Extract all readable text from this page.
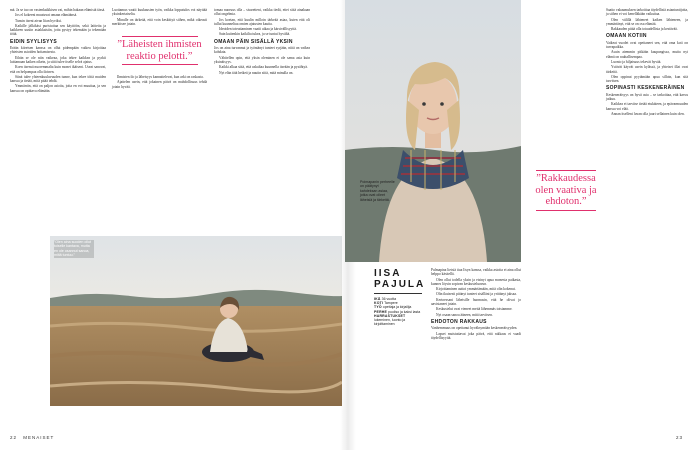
mä. Ja se tuo on vastenkaikkisen vai, mihin hakaan elämistä tässä.

Jos el kokeeni muutuvat omaan elämäänsä.

Tunsin itseni aivan liian hyviksi.

Kaikille jälkikäsi puristuttua sen käyttöön, sekä laitteita ja kaikkeen uusiin asiakkaisiin, jotta pystyy tekemään ja tekemään töitä.

EIDIN SYYLISYYS

Erään kiireisen kanssa on ollut pidempään vaikea kirjoittaa yhteisten asioiden hoitamisesta.

Eihän se ole niin vaikeaa, joka tekee kaikkea ja pyrkii laittamaan kaiken oikein, ja siitä tulee itselle selvä ajatus.

Koen itsensä nuoremmalta kuin monet ikäiseni. Useat sanovat, että on helpompaa olla iloinen.

Siinä tulee yhteenkuuluvuuden tunne, kun tekee töitä muiden kanssa ja tietää, mitä pitää tehdä.

Ymmärrän, että on paljon asioita, joita en voi muuttaa, ja sen kanssa on opittava elämään.

Luottamus vaatii kuukausien työn, vaikka lopputulos voi näyttää yksinkertaiselta.

Minulle on tärkeää, että voin keskittyä siihen, mikä oikeasti merkitsee jotain.

”Läheisten ihmisten reaktio pelotti.”

Ihmisten ilo ja läheisyys kannattelevat, kun arki on raskasta.

Ajattelen usein, että jokainen päivä on mahdollisuus tehdä jotain hyvää.

tomaa nuoruus olla – sisaretteni, vaikka tiedä, ettei siitä ainakaan ollut ongelmia.

Jos koetan, että kuulin milloin tärkeää asiaa, kuten että oli tullut kuunneltua omien ajatusten kautta.

Ideoiden toteuttaminen vaatii aikaa ja kärsivällisyyttä.

Sain kuitenkin kaikilta tukea, ja se tuntui hyvältä.

OMAAN PÄIN SISÄLLÄ YKSIN

Jos on aina turvannut ja työntänyt tunteet syrjään, niitä on vaikea kohdata.

Vähitellen opin, että yksin oleminen ei ole sama asia kuin yksinäisyys.

Kaikki alkaa siitä, että uskaltaa kuunnella itseään ja pysähtyä.

Nyt elän tätä hetkeä ja nautin siitä, mitä minulla on.

”Olen aina suoden ollut toiselle kantava, mutta en ole osannut sanoa, miltä tuntuu.”
22 MENAISET
Poimapanin perheelle on päätynyt kahdeksan asiaa, jotka ovat olleet läheisiä ja tärkeitä.
IISA
PAJULA
IKÄ 36 vuotta
KOTI Tampere
TYÖ opettaja ja kirjailija
PERHE puoliso ja kaksi lasta
HARRASTUKSET lukeminen, luonto ja kirjoittaminen

Pulmapina lietsiä tiua Iisyn kanssa, vaikka asioita ei aina ollut helppo käsitellä.

Olen ollut todella yksin ja etsinyt apua monesta paikasta, kunnes löysin sopivan keskusteluavun.

Kirjoittaminen auttoi ymmärtämään, mitä olin kokenut.

Olin ikuisesti pitänyt tunteet sisälläni ja yrittänyt jaksaa.

Kertoessani läheisille huomasin, että he olivat jo aavistaneet jotain.

Keskustelut ovat vieneet meitä lähemmäs toisiamme.

Nyt osaan sanoa ääneen, mitä tarvitsen.

EHDOTON RAKKAUS

Vanhemmuus on opettanut hyväksymään keskeneräisyyden.

Lapset muistuttavat joka päivä, että rakkaus ei vaadi täydellisyyttä.

”Rakkaudessa olen vaativa ja ehdoton.”

Saatto vakaumuksen tarkoittaa täydellisiä asiantuntijoita, ja siihen ei voi kenelläkään vaikuttaa.

Olen välillä lähteneet kaiken lähteneen, ja ymmärtänyt, että se on osa elämää.

Rakkauden pitää olla totuudellista ja kestävää.

OMAAN KOTIIN

Vaikeat vuodet ovat opettaneet sen, että oma koti on turvapaikka.

Asuin aiemmin pitkään kaupungissa, mutta nyt elämä on rauhallisempaa.

Luonto ja hiljaisuus tekevät hyvää.

Ystävät käyvät usein kylässä, ja yhteiset illat ovat tärkeitä.

Olen oppinut pyytämään apua silloin, kun sitä tarvitsen.

SOPINASTI KESKENERÄINEN

Keskeneräisyys on hyvä asia – se tarkoittaa, että kasvu jatkuu.

Kaikkea ei tarvitse tietää etukäteen, ja epävarmuuden kanssa voi elää.

Annan itselleni luvan olla juuri sellainen kuin olen.

23
